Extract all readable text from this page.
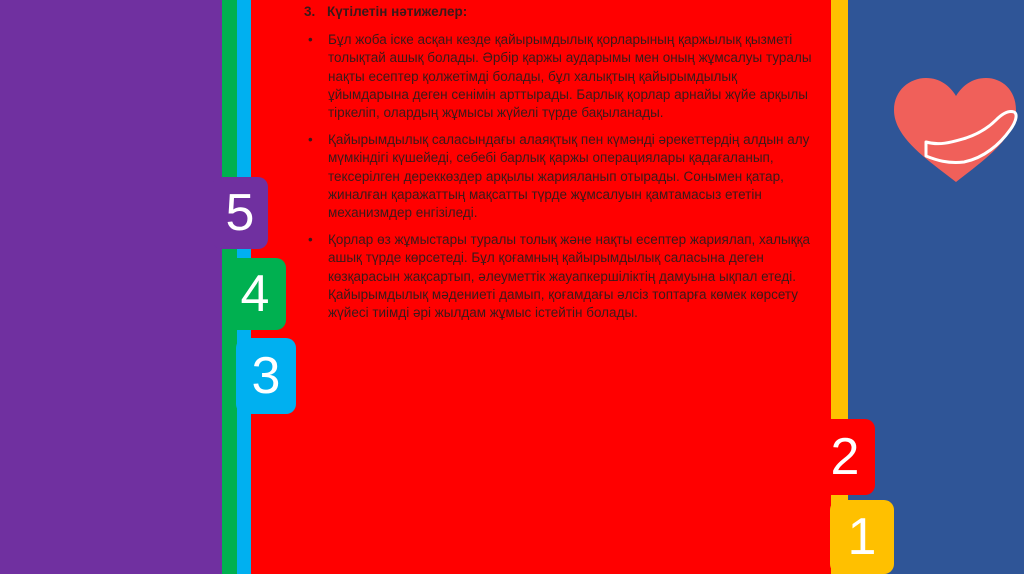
5
4
3
2
1
3. Күтілетін нәтижелер:
• Бұл жоба іске асқан кезде қайырымдылық қорларының қаржылық қызметі толықтай ашық болады. Әрбір қаржы аударымы мен оның жұмсалуы туралы нақты есептер қолжетімді болады, бұл халықтың қайырымдылық ұйымдарына деген сенімін арттырады. Барлық қорлар арнайы жүйе арқылы тіркеліп, олардың жұмысы жүйелі түрде бақыланады.
• Қайырымдылық саласындағы алаяқтық пен күмәнді әрекеттердің алдын алу мүмкіндігі күшейеді, себебі барлық қаржы операциялары қадағаланып, тексерілген дереккөздер арқылы жарияланып отырады. Сонымен қатар, жиналған қаражаттың мақсатты түрде жұмсалуын қамтамасыз ететін механизмдер енгізіледі.
• Қорлар өз жұмыстары туралы толық және нақты есептер жариялап, халыққа ашық түрде көрсетеді. Бұл қоғамның қайырымдылық саласына деген көзқарасын жақсартып, әлеуметтік жауапкершіліктің дамуына ықпал етеді. Қайырымдылық мәдениеті дамып, қоғамдағы әлсіз топтарға көмек көрсету жүйесі тиімді әрі жылдам жұмыс істейтін болады.
